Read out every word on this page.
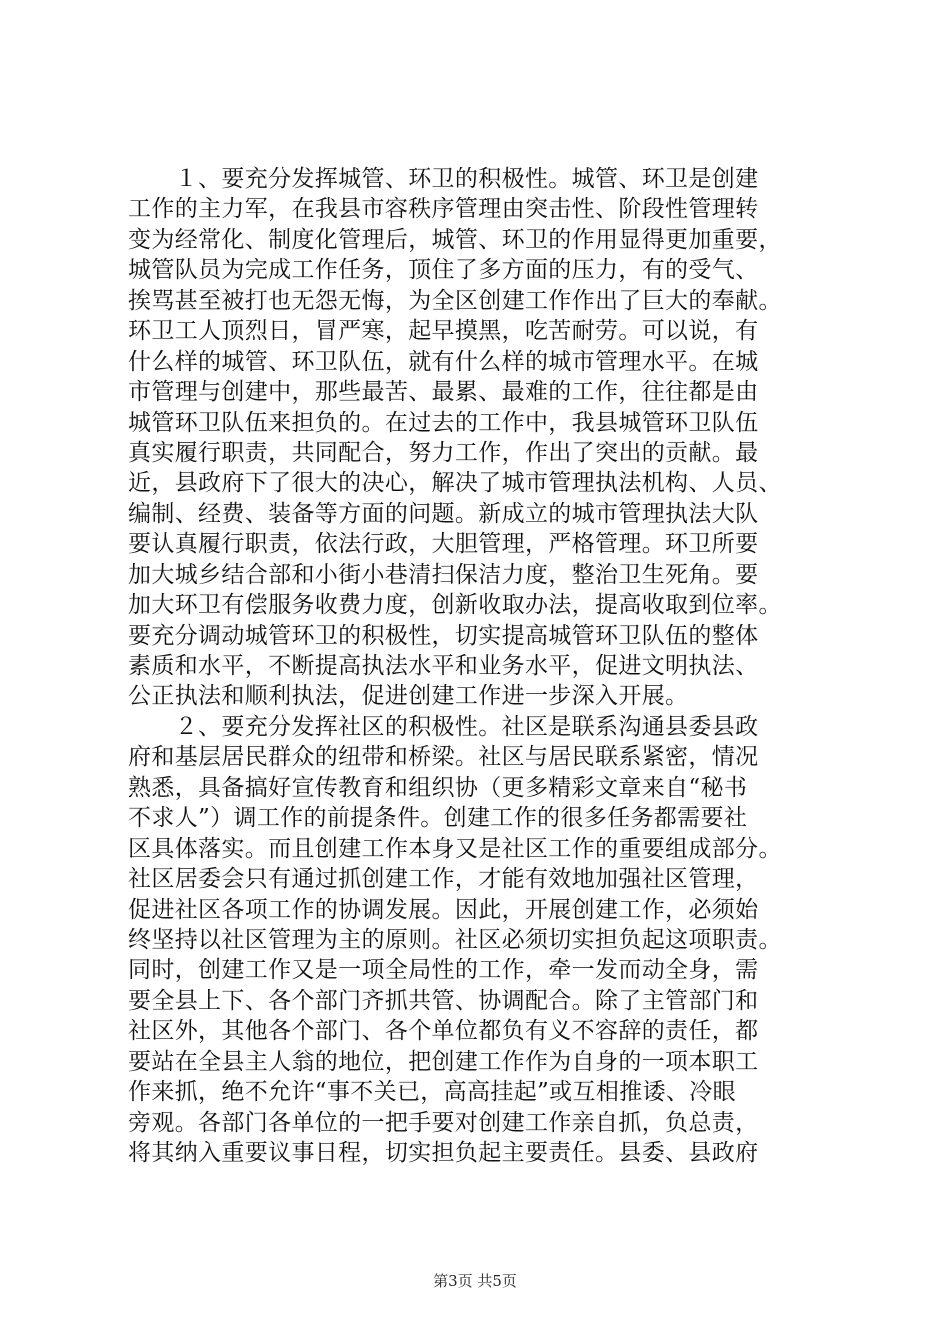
　　１、要充分发挥城管、环卫的积极性。城管、环卫是创建
工作的主力军，在我县市容秩序管理由突击性、阶段性管理转
变为经常化、制度化管理后，城管、环卫的作用显得更加重要，
城管队员为完成工作任务，顶住了多方面的压力，有的受气、
挨骂甚至被打也无怨无悔，为全区创建工作作出了巨大的奉献。
环卫工人顶烈日，冒严寒，起早摸黑，吃苦耐劳。可以说，有
什么样的城管、环卫队伍，就有什么样的城市管理水平。在城
市管理与创建中，那些最苦、最累、最难的工作，往往都是由
城管环卫队伍来担负的。在过去的工作中，我县城管环卫队伍
真实履行职责，共同配合，努力工作，作出了突出的贡献。最
近，县政府下了很大的决心，解决了城市管理执法机构、人员、
编制、经费、装备等方面的问题。新成立的城市管理执法大队
要认真履行职责，依法行政，大胆管理，严格管理。环卫所要
加大城乡结合部和小街小巷清扫保洁力度，整治卫生死角。要
加大环卫有偿服务收费力度，创新收取办法，提高收取到位率。
要充分调动城管环卫的积极性，切实提高城管环卫队伍的整体
素质和水平，不断提高执法水平和业务水平，促进文明执法、
公正执法和顺利执法，促进创建工作进一步深入开展。
　　２、要充分发挥社区的积极性。社区是联系沟通县委县政
府和基层居民群众的纽带和桥梁。社区与居民联系紧密，情况
熟悉，具备搞好宣传教育和组织协（更多精彩文章来自“秘书
不求人”）调工作的前提条件。创建工作的很多任务都需要社
区具体落实。而且创建工作本身又是社区工作的重要组成部分。
社区居委会只有通过抓创建工作，才能有效地加强社区管理，
促进社区各项工作的协调发展。因此，开展创建工作，必须始
终坚持以社区管理为主的原则。社区必须切实担负起这项职责。
同时，创建工作又是一项全局性的工作，牵一发而动全身，需
要全县上下、各个部门齐抓共管、协调配合。除了主管部门和
社区外，其他各个部门、各个单位都负有义不容辞的责任，都
要站在全县主人翁的地位，把创建工作作为自身的一项本职工
作来抓，绝不允许“事不关已，高高挂起”或互相推诿、冷眼
旁观。各部门各单位的一把手要对创建工作亲自抓，负总责，
将其纳入重要议事日程，切实担负起主要责任。县委、县政府
第3页 共5页
